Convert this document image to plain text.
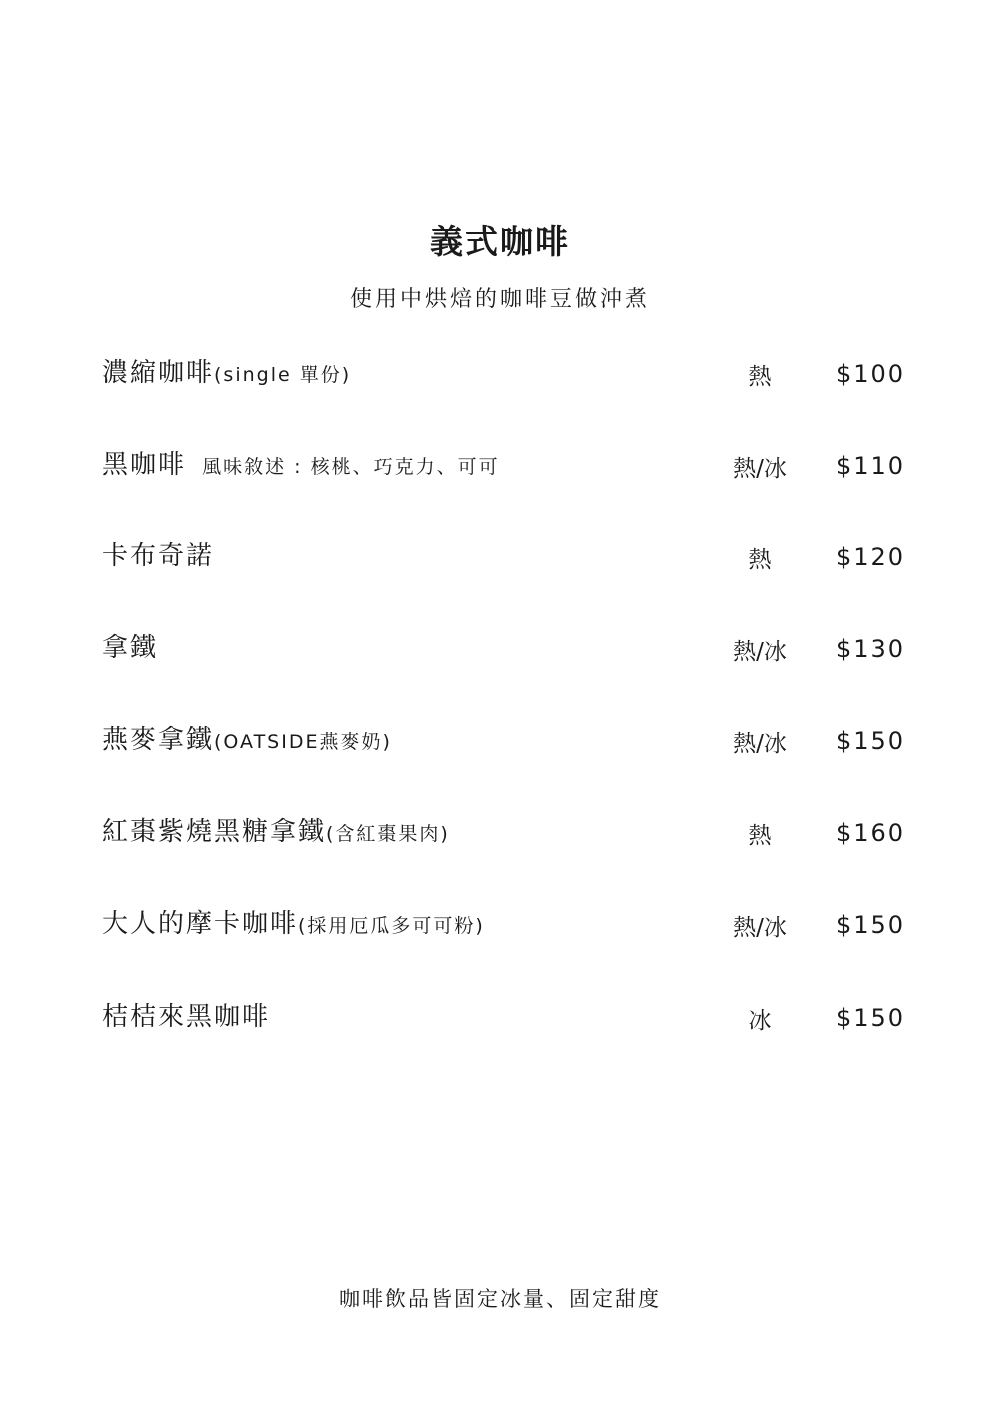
義式咖啡
使用中烘焙的咖啡豆做沖煮
濃縮咖啡(single 單份)	熱	$100
黑咖啡  風味敘述 : 核桃、巧克力、可可	熱/冰	$110
卡布奇諾	熱	$120
拿鐵	熱/冰	$130
燕麥拿鐵(OATSIDE燕麥奶)	熱/冰	$150
紅棗紫燒黑糖拿鐵(含紅棗果肉)	熱	$160
大人的摩卡咖啡(採用厄瓜多可可粉)	熱/冰	$150
桔桔來黑咖啡	冰	$150
咖啡飲品皆固定冰量、固定甜度
